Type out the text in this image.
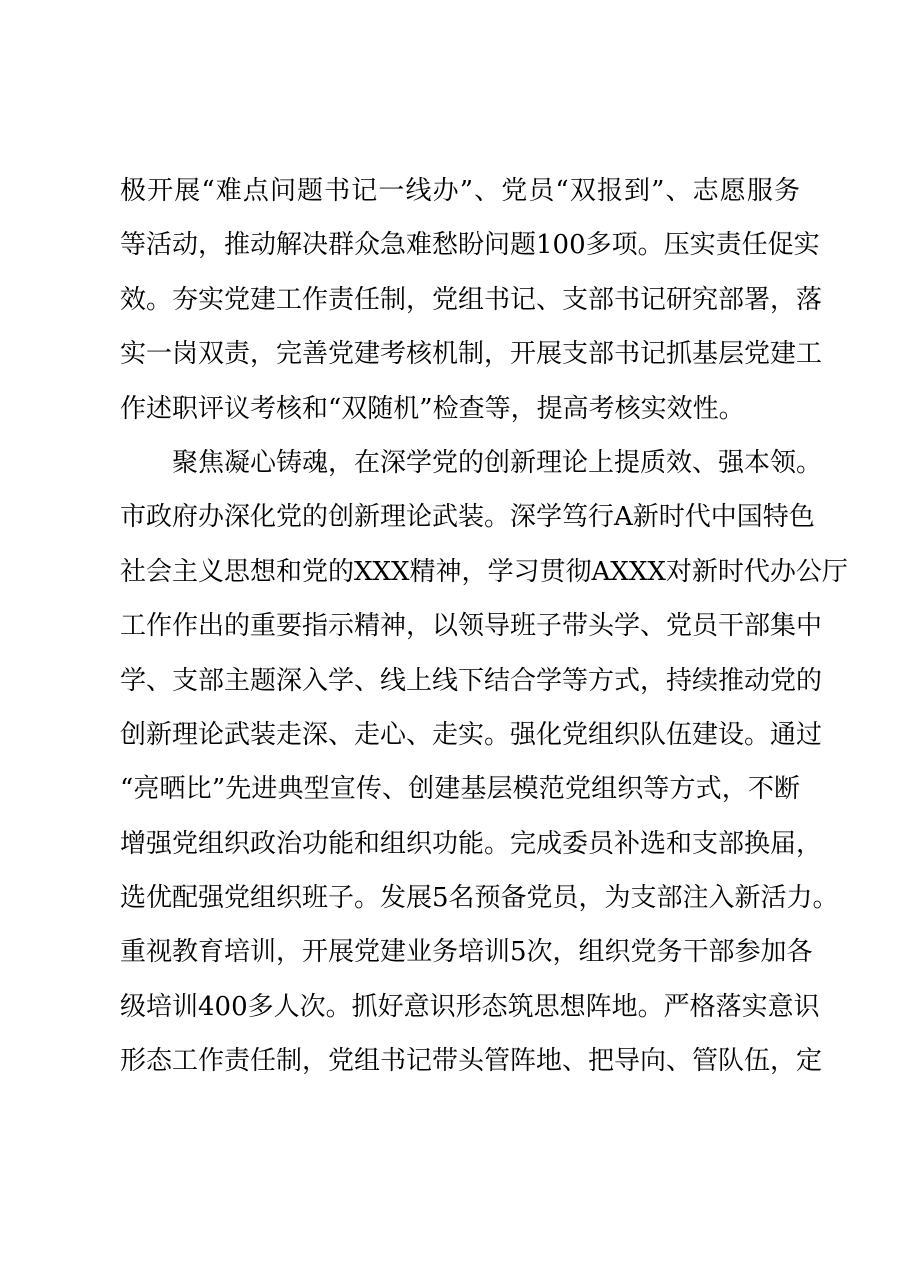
极开展“难点问题书记一线办”、党员“双报到”、志愿服务
等活动，推动解决群众急难愁盼问题100多项。压实责任促实
效。夯实党建工作责任制，党组书记、支部书记研究部署，落
实一岗双责，完善党建考核机制，开展支部书记抓基层党建工
作述职评议考核和“双随机”检查等，提高考核实效性。
聚焦凝心铸魂，在深学党的创新理论上提质效、强本领。
市政府办深化党的创新理论武装。深学笃行A新时代中国特色
社会主义思想和党的XXX精神，学习贯彻AXXX对新时代办公厅
工作作出的重要指示精神，以领导班子带头学、党员干部集中
学、支部主题深入学、线上线下结合学等方式，持续推动党的
创新理论武装走深、走心、走实。强化党组织队伍建设。通过
“亮晒比”先进典型宣传、创建基层模范党组织等方式，不断
增强党组织政治功能和组织功能。完成委员补选和支部换届，
选优配强党组织班子。发展5名预备党员，为支部注入新活力。
重视教育培训，开展党建业务培训5次，组织党务干部参加各
级培训400多人次。抓好意识形态筑思想阵地。严格落实意识
形态工作责任制，党组书记带头管阵地、把导向、管队伍，定
